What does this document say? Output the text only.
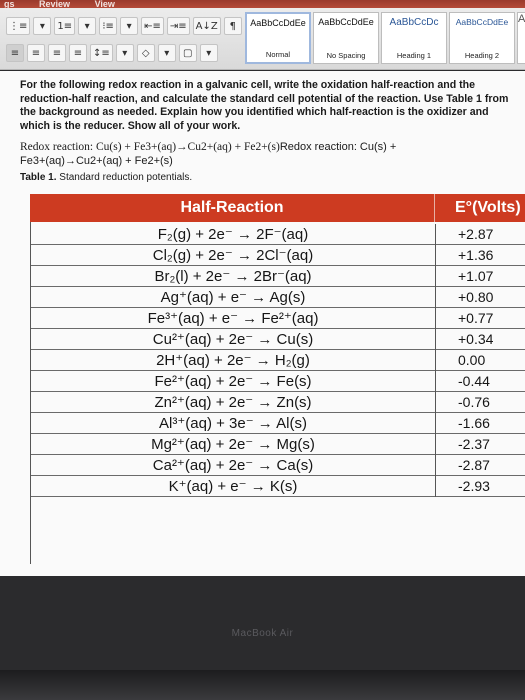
gs	Review	View
⋮≡	▾	1≡	▾	⁝≡	▾	⇤≡ ⇥≡ A↓Z	¶
≡	≡	≡	≡	↕≡	▾	◇	▾	▢	▾
AaBbCcDdEe
Normal
AaBbCcDdEe
No Spacing
AaBbCcDc
Heading 1
AaBbCcDdEe
Heading 2
A

For the following redox reaction in a galvanic cell, write the oxidation half-reaction and the reduction-half reaction, and calculate the standard cell potential of the reaction. Use Table 1 from the background as needed. Explain how you identified which half-reaction is the oxidizer and which is the reducer. Show all of your work.

Redox reaction: Cu(s) + Fe3+(aq)→Cu2+(aq) + Fe2+(s)Redox reaction: Cu(s) +
Fe3+(aq)→Cu2+(aq) + Fe2+(s)
Table 1. Standard reduction potentials.
Half-Reaction	E°(Volts)
F₂(g) + 2e⁻ → 2F⁻(aq)	+2.87
Cl₂(g) + 2e⁻ → 2Cl⁻(aq)	+1.36
Br₂(l) + 2e⁻ → 2Br⁻(aq)	+1.07
Ag⁺(aq) + e⁻ → Ag(s)	+0.80
Fe³⁺(aq) + e⁻ → Fe²⁺(aq)	+0.77
Cu²⁺(aq) + 2e⁻ → Cu(s)	+0.34
2H⁺(aq) + 2e⁻ → H₂(g)	0.00
Fe²⁺(aq) + 2e⁻ → Fe(s)	-0.44
Zn²⁺(aq) + 2e⁻ → Zn(s)	-0.76
Al³⁺(aq) + 3e⁻ → Al(s)	-1.66
Mg²⁺(aq) + 2e⁻ → Mg(s)	-2.37
Ca²⁺(aq) + 2e⁻ → Ca(s)	-2.87
K⁺(aq) + e⁻ → K(s)	-2.93
MacBook Air
